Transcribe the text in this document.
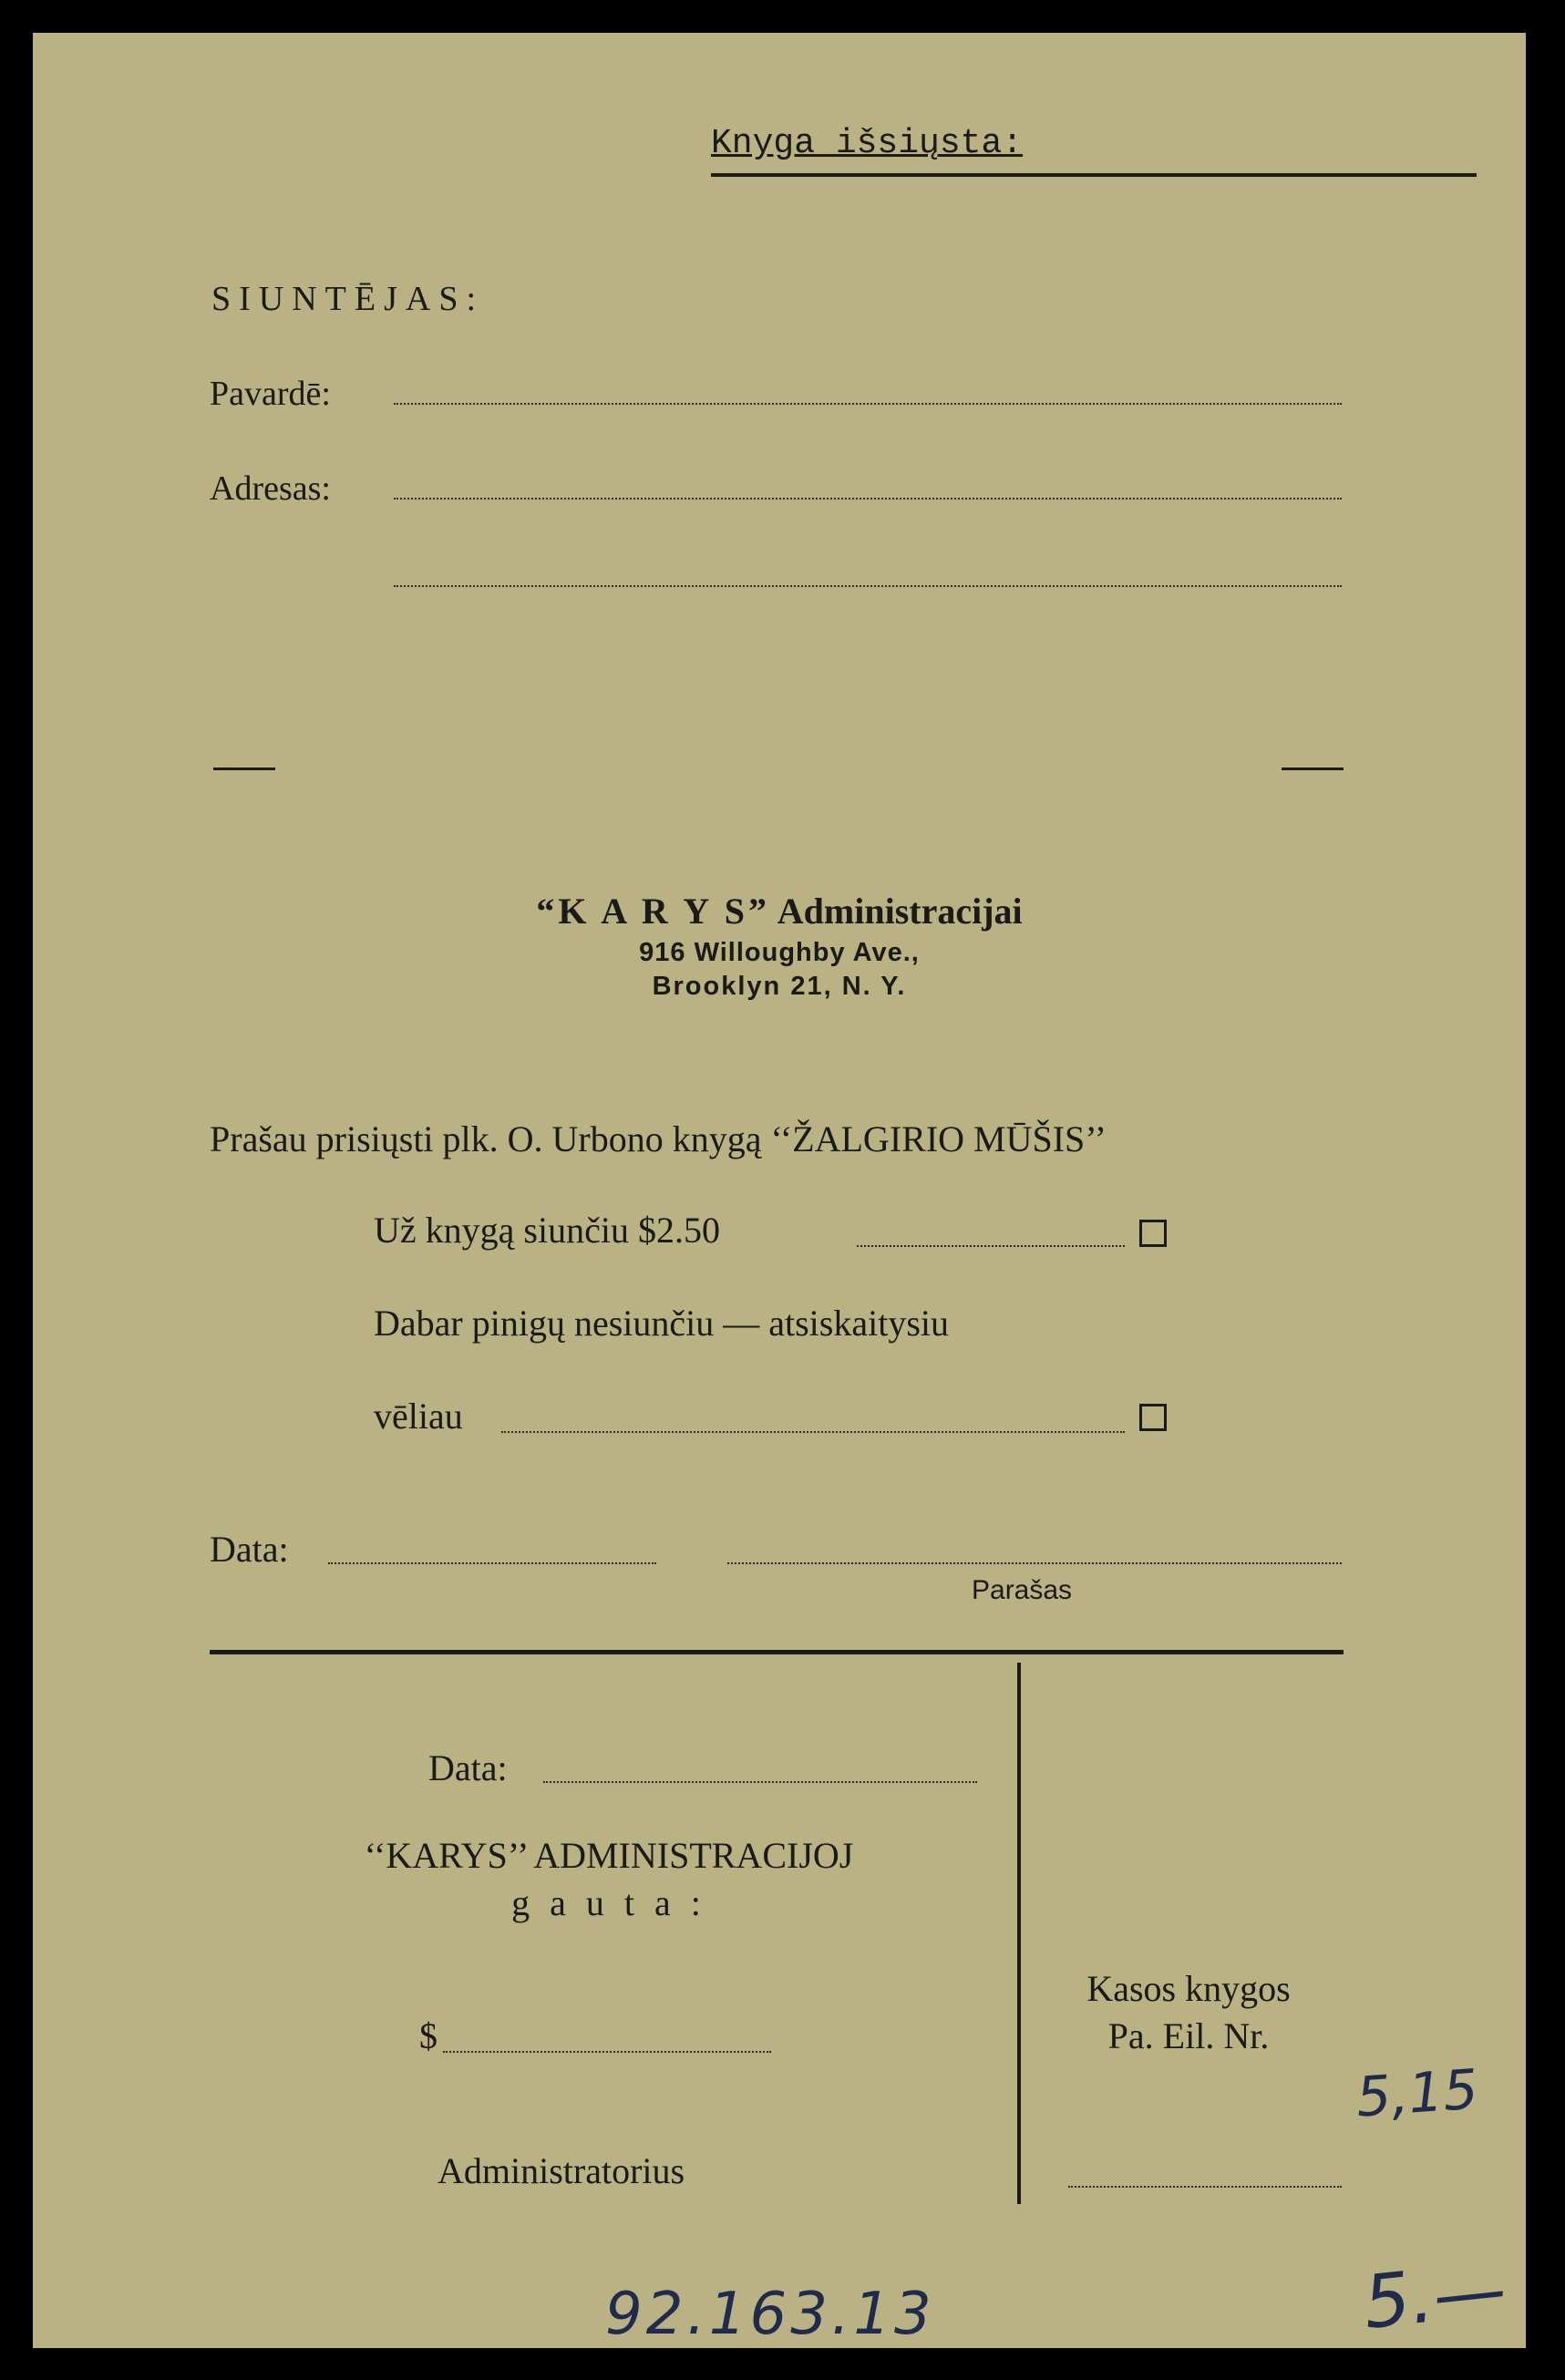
Knyga išsiųsta:
SIUNTĒJAS:
Pavardē:
Adresas:
“K A R Y S” Administracijai
916 Willoughby Ave.,
Brooklyn 21, N. Y.
Prašau prisiųsti plk. O. Urbono knygą ‘‘ŽALGIRIO MŪŠIS’’
Už knygą siunčiu $2.50
Dabar pinigų nesiunčiu — atsiskaitysiu
vēliau
Data:
Parašas
Data:
‘‘KARYS’’ ADMINISTRACIJOJ
g a u t a :
$
Administratorius
Kasos knygos
Pa. Eil. Nr.
5,15
92.163.13	5.—
